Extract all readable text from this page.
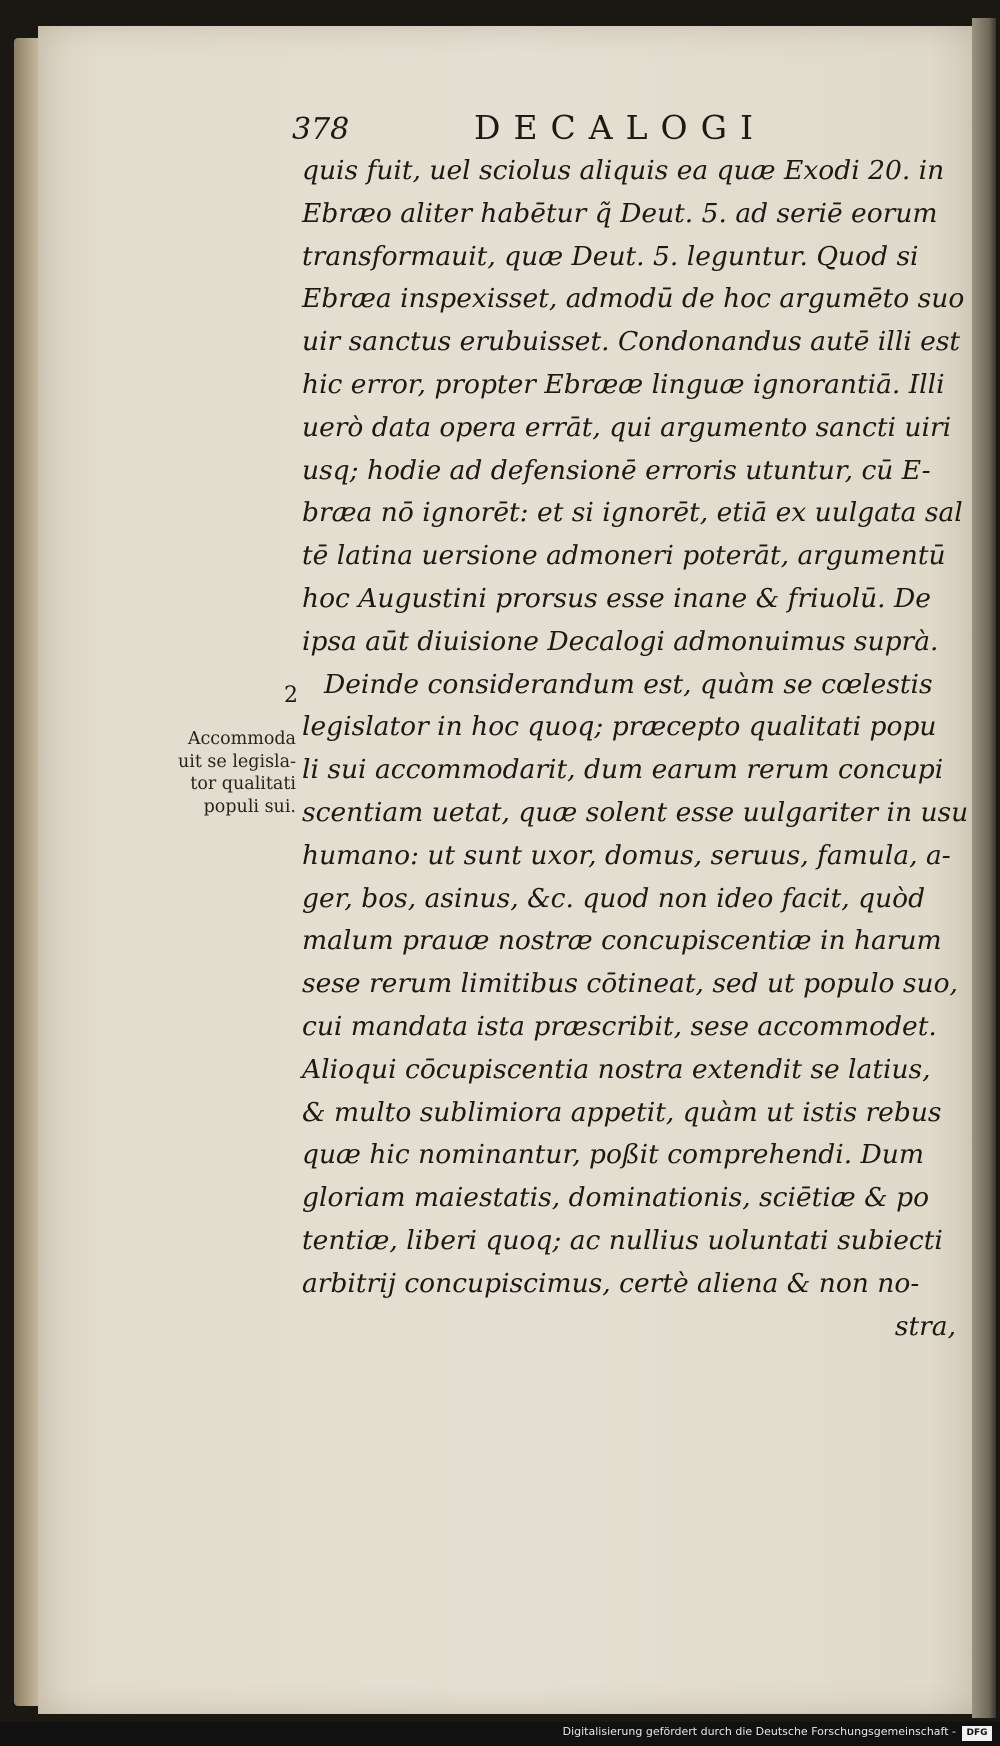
378	DECALOGI
quis fuit, uel sciolus aliquis ea quæ Exodi 20. in
Ebræo aliter habētur q̃ Deut. 5. ad seriē eorum
transformauit, quæ Deut. 5. leguntur. Quod si
Ebræa inspexisset, admodū de hoc argumēto suo
uir sanctus erubuisset. Condonandus autē illi est
hic error, propter Ebrææ linguæ ignorantiā. Illi
uerò data opera errāt, qui argumento sancti uiri
usq; hodie ad defensionē erroris utuntur, cū E-
bræa nō ignorēt: et si ignorēt, etiā ex uulgata sal
tē latina uersione admoneri poterāt, argumentū
hoc Augustini prorsus esse inane & friuolū. De
ipsa aūt diuisione Decalogi admonuimus suprà.
Deinde considerandum est, quàm se cœlestis
legislator in hoc quoq; præcepto qualitati popu
li sui accommodarit, dum earum rerum concupi
scentiam uetat, quæ solent esse uulgariter in usu
humano: ut sunt uxor, domus, seruus, famula, a-
ger, bos, asinus, &c. quod non ideo facit, quòd
malum prauæ nostræ concupiscentiæ in harum
sese rerum limitibus cōtineat, sed ut populo suo,
cui mandata ista præscribit, sese accommodet.
Alioqui cōcupiscentia nostra extendit se latius,
& multo sublimiora appetit, quàm ut istis rebus
quæ hic nominantur, poßit comprehendi. Dum
gloriam maiestatis, dominationis, sciētiæ & po
tentiæ, liberi quoq; ac nullius uoluntati subiecti
arbitrij concupiscimus, certè aliena & non no-
stra,
2
Accommoda
uit se legisla-
tor qualitati
populi sui.
Digitalisierung gefördert durch die Deutsche Forschungsgemeinschaft -	DFG
